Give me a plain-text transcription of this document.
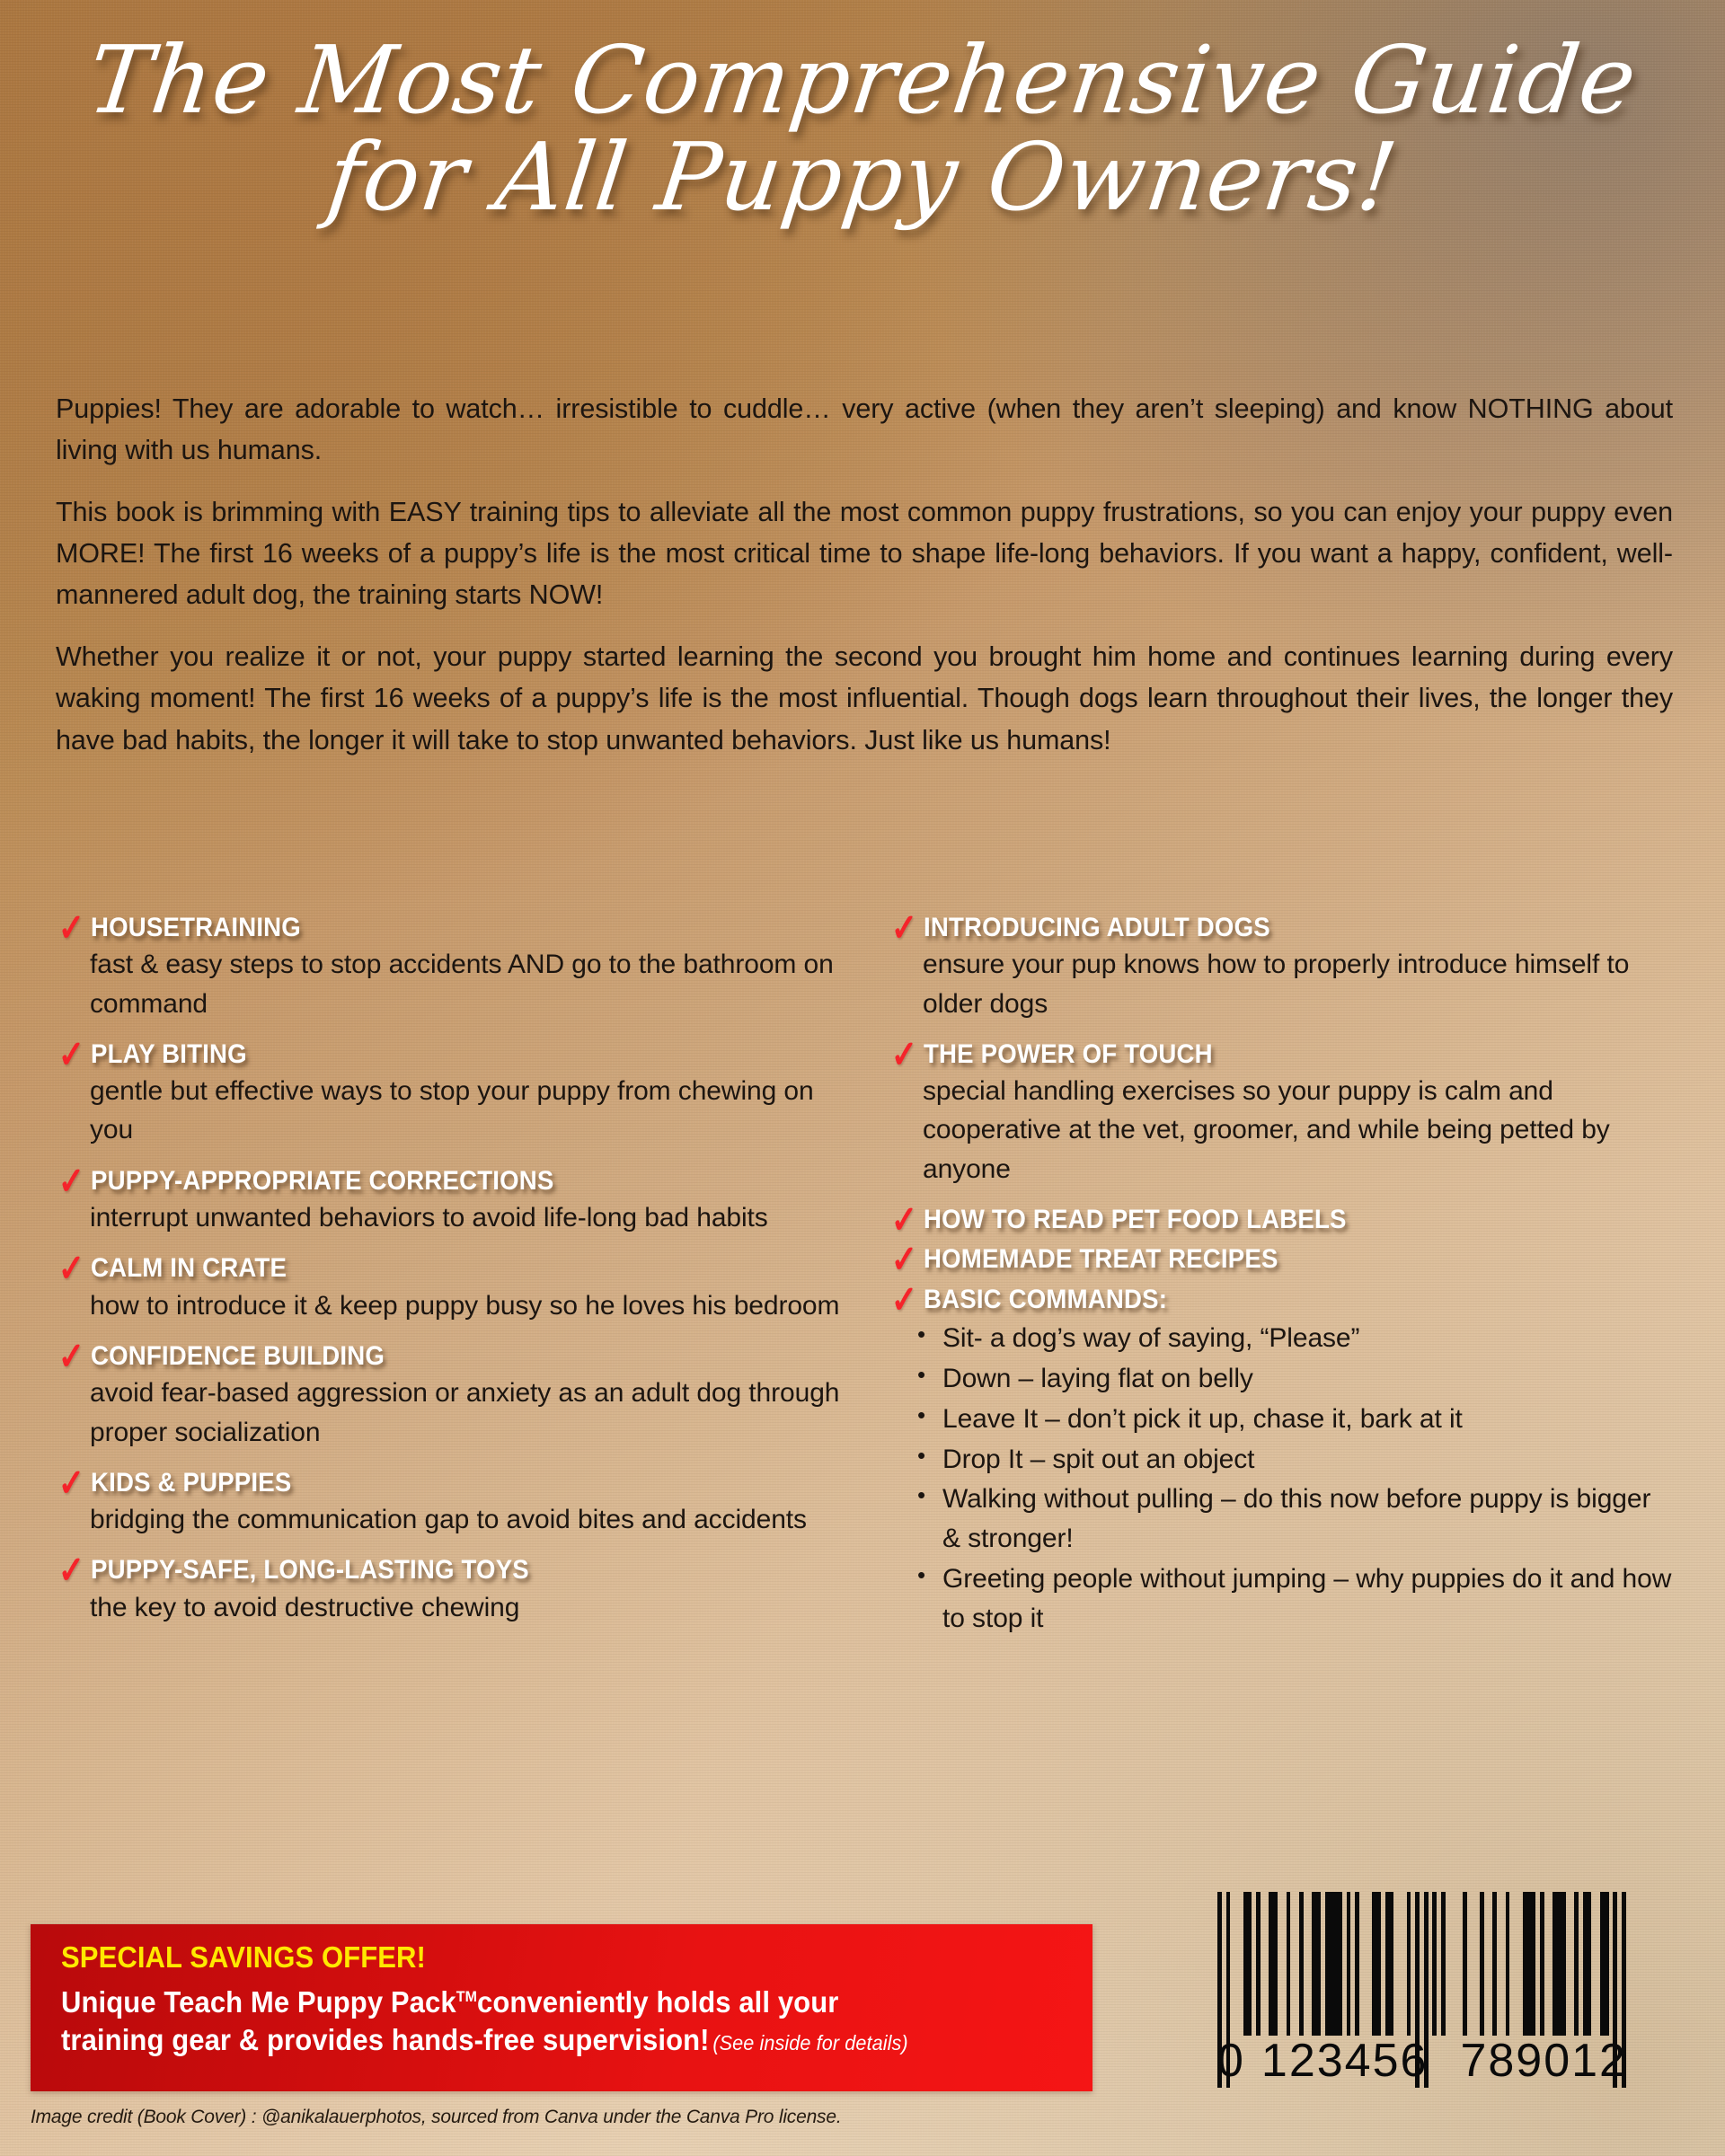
The Most Comprehensive Guide
for All Puppy Owners!

Puppies! They are adorable to watch… irresistible to cuddle… very active (when they aren’t sleeping) and know NOTHING about living with us humans.

This book is brimming with EASY training tips to alleviate all the most common puppy frustrations, so you can enjoy your puppy even MORE! The first 16 weeks of a puppy’s life is the most critical time to shape life-long behaviors. If you want a happy, confident, well-mannered adult dog, the training starts NOW!

Whether you realize it or not, your puppy started learning the second you brought him home and continues learning during every waking moment! The first 16 weeks of a puppy’s life is the most influential. Though dogs learn throughout their lives, the longer they have bad habits, the longer it will take to stop unwanted behaviors. Just like us humans!

✓ HOUSETRAINING
fast & easy steps to stop accidents AND go to the bathroom on command
✓ PLAY BITING
gentle but effective ways to stop your puppy from chewing on you
✓ PUPPY-APPROPRIATE CORRECTIONS
interrupt unwanted behaviors to avoid life-long bad habits
✓ CALM IN CRATE
how to introduce it & keep puppy busy so he loves his bedroom
✓ CONFIDENCE BUILDING
avoid fear-based aggression or anxiety as an adult dog through proper socialization
✓ KIDS & PUPPIES
bridging the communication gap to avoid bites and accidents
✓ PUPPY-SAFE, LONG-LASTING TOYS
the key to avoid destructive chewing
✓ INTRODUCING ADULT DOGS
ensure your pup knows how to properly introduce himself to older dogs
✓ THE POWER OF TOUCH
special handling exercises so your puppy is calm and cooperative at the vet, groomer, and while being petted by anyone
✓ HOW TO READ PET FOOD LABELS
✓ HOMEMADE TREAT RECIPES
✓ BASIC COMMANDS:
• Sit- a dog’s way of saying, “Please”
• Down – laying flat on belly
• Leave It – don’t pick it up, chase it, bark at it
• Drop It – spit out an object
• Walking without pulling – do this now before puppy is bigger & stronger!
• Greeting people without jumping – why puppies do it and how to stop it
SPECIAL SAVINGS OFFER!
Unique Teach Me Puppy Pack™conveniently holds all your
training gear & provides hands-free supervision! (See inside for details)
Image credit (Book Cover) : @anikalauerphotos, sourced from Canva under the Canva Pro license.
0 123456 789012
